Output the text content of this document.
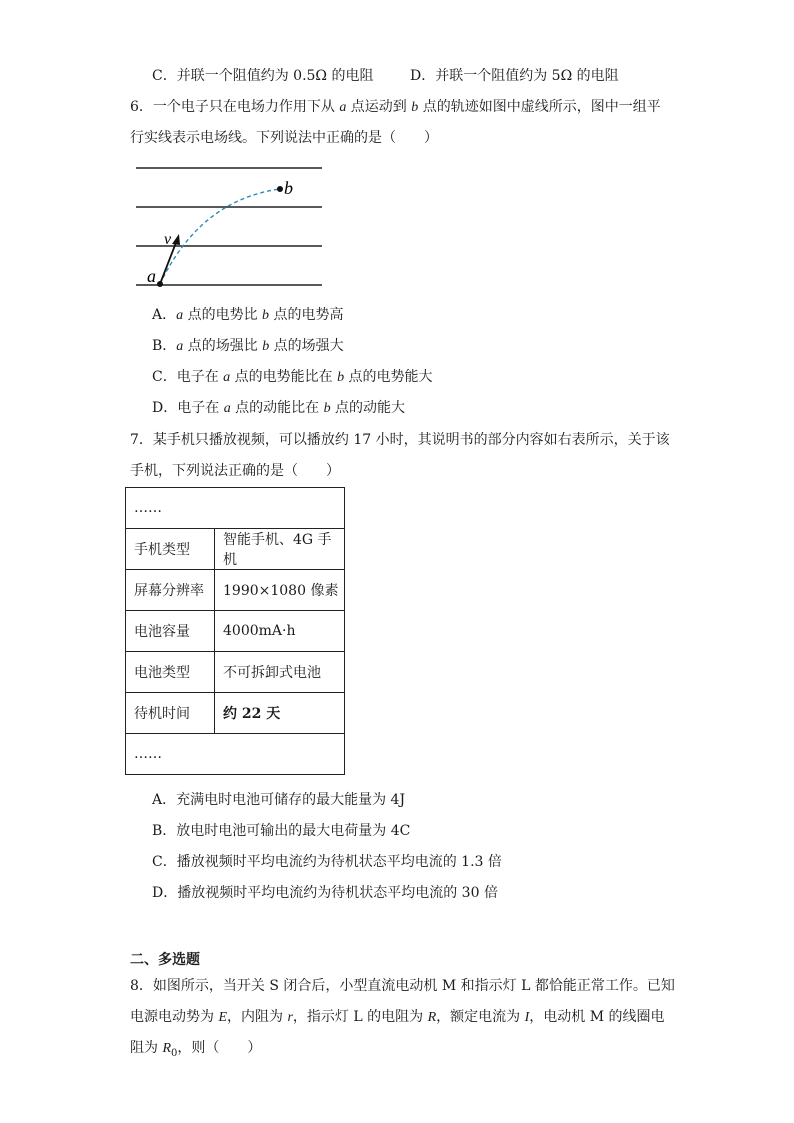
C．并联一个阻值约为 0.5Ω 的电阻	D．并联一个阻值约为 5Ω 的电阻
6．一个电子只在电场力作用下从 a 点运动到 b 点的轨迹如图中虚线所示，图中一组平
行实线表示电场线。下列说法中正确的是（　　）
a
b
v
A．a 点的电势比 b 点的电势高
B．a 点的场强比 b 点的场强大
C．电子在 a 点的电势能比在 b 点的电势能大
D．电子在 a 点的动能比在 b 点的动能大
7．某手机只播放视频，可以播放约 17 小时，其说明书的部分内容如右表所示，关于该
手机，下列说法正确的是（　　）
……	
手机类型	智能手机、4G 手机
屏幕分辨率	1990×1080 像素
电池容量	4000mA·h
电池类型	不可拆卸式电池
待机时间	约 22 天
……	
A．充满电时电池可储存的最大能量为 4J
B．放电时电池可输出的最大电荷量为 4C
C．播放视频时平均电流约为待机状态平均电流的 1.3 倍
D．播放视频时平均电流约为待机状态平均电流的 30 倍
二、多选题
8．如图所示，当开关 S 闭合后，小型直流电动机 M 和指示灯 L 都恰能正常工作。已知
电源电动势为 E，内阻为 r，指示灯 L 的电阻为 R，额定电流为 I，电动机 M 的线圈电
阻为 $R_0$，则（　　）
